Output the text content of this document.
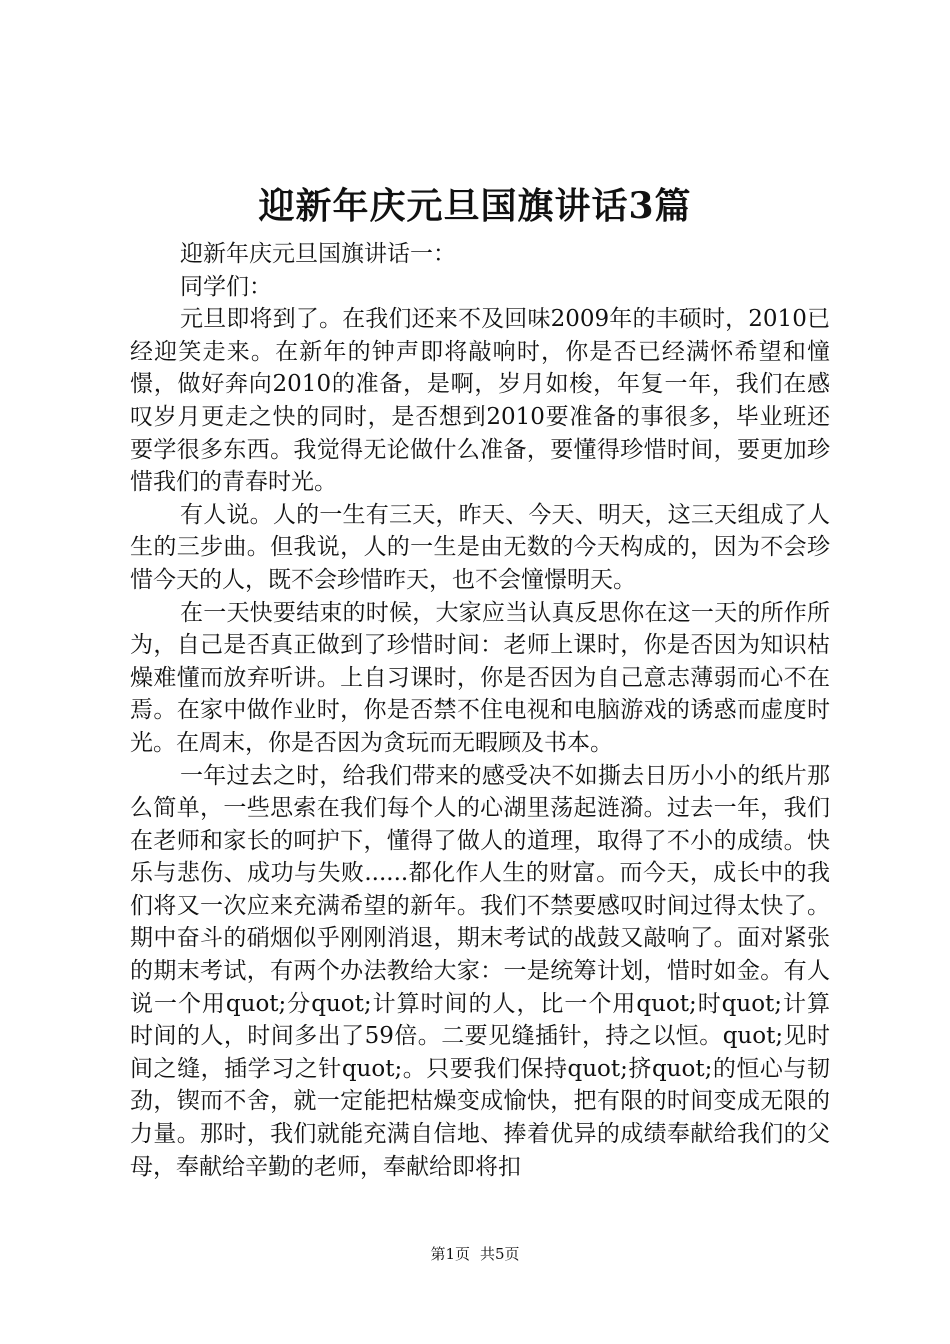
迎新年庆元旦国旗讲话3篇

迎新年庆元旦国旗讲话一：

同学们：

元旦即将到了。在我们还来不及回味2009年的丰硕时，2010已经迎笑走来。在新年的钟声即将敲响时，你是否已经满怀希望和憧憬，做好奔向2010的准备，是啊，岁月如梭，年复一年，我们在感叹岁月更走之快的同时，是否想到2010要准备的事很多，毕业班还要学很多东西。我觉得无论做什么准备，要懂得珍惜时间，要更加珍惜我们的青春时光。

有人说。人的一生有三天，昨天、今天、明天，这三天组成了人生的三步曲。但我说，人的一生是由无数的今天构成的，因为不会珍惜今天的人，既不会珍惜昨天，也不会憧憬明天。

在一天快要结束的时候，大家应当认真反思你在这一天的所作所为，自己是否真正做到了珍惜时间：老师上课时，你是否因为知识枯燥难懂而放弃听讲。上自习课时，你是否因为自己意志薄弱而心不在焉。在家中做作业时，你是否禁不住电视和电脑游戏的诱惑而虚度时光。在周末，你是否因为贪玩而无暇顾及书本。

一年过去之时，给我们带来的感受决不如撕去日历小小的纸片那么简单，一些思索在我们每个人的心湖里荡起涟漪。过去一年，我们在老师和家长的呵护下，懂得了做人的道理，取得了不小的成绩。快乐与悲伤、成功与失败......都化作人生的财富。而今天，成长中的我们将又一次应来充满希望的新年。我们不禁要感叹时间过得太快了。期中奋斗的硝烟似乎刚刚消退，期末考试的战鼓又敲响了。面对紧张的期末考试，有两个办法教给大家：一是统筹计划，惜时如金。有人说一个用quot;分quot;计算时间的人，比一个用quot;时quot;计算时间的人，时间多出了59倍。二要见缝插针，持之以恒。quot;见时间之缝，插学习之针quot;。只要我们保持quot;挤quot;的恒心与韧劲，锲而不舍，就一定能把枯燥变成愉快，把有限的时间变成无限的力量。那时，我们就能充满自信地、捧着优异的成绩奉献给我们的父母，奉献给辛勤的老师，奉献给即将扣

第1页 共5页
